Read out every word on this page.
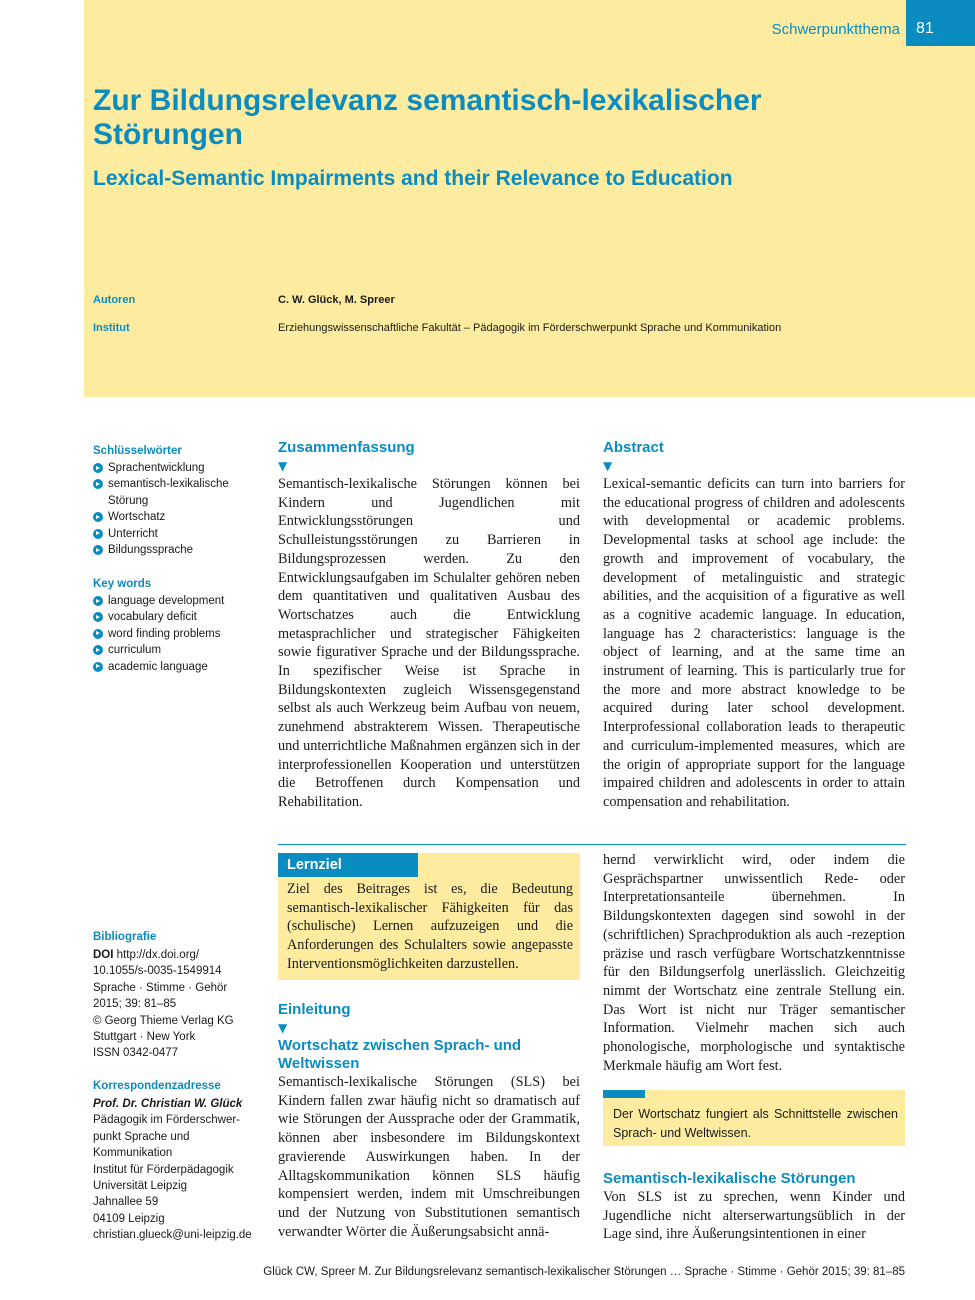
Schwerpunktthema	81
Zur Bildungsrelevanz semantisch-lexikalischer Störungen
Lexical-Semantic Impairments and their Relevance to Education
Autoren	C. W. Glück, M. Spreer
Institut	Erziehungswissenschaftliche Fakultät – Pädagogik im Förderschwerpunkt Sprache und Kommunikation
Schlüsselwörter
Sprachentwicklung
semantisch-lexikalische Störung
Wortschatz
Unterricht
Bildungssprache
Key words
language development
vocabulary deficit
word finding problems
curriculum
academic language
Bibliografie
DOI http://dx.doi.org/
10.1055/s-0035-1549914
Sprache · Stimme · Gehör
2015; 39: 81–85
© Georg Thieme Verlag KG
Stuttgart · New York
ISSN 0342-0477
Korrespondenzadresse
Prof. Dr. Christian W. Glück
Pädagogik im Förderschwer-
punkt Sprache und
Kommunikation
Institut für Förderpädagogik
Universität Leipzig
Jahnallee 59
04109 Leipzig
christian.glueck@uni-leipzig.de
Zusammenfassung
▼

Semantisch-lexikalische Störungen können bei Kindern und Jugendlichen mit Entwicklungsstörungen und Schulleistungsstörungen zu Barrieren in Bildungsprozessen werden. Zu den Entwicklungsaufgaben im Schulalter gehören neben dem quantitativen und qualitativen Ausbau des Wortschatzes auch die Entwicklung metasprachlicher und strategischer Fähigkeiten sowie figurativer Sprache und der Bildungssprache. In spezifischer Weise ist Sprache in Bildungskontexten zugleich Wissensgegenstand selbst als auch Werkzeug beim Aufbau von neuem, zunehmend abstrakterem Wissen. Therapeutische und unterrichtliche Maßnahmen ergänzen sich in der interprofessionellen Kooperation und unterstützen die Betroffenen durch Kompensation und Rehabilitation.

Abstract
▼

Lexical-semantic deficits can turn into barriers for the educational progress of children and adolescents with developmental or academic problems. Developmental tasks at school age include: the growth and improvement of vocabulary, the development of metalinguistic and strategic abilities, and the acquisition of a figurative as well as a cognitive academic language. In education, language has 2 characteristics: language is the object of learning, and at the same time an instrument of learning. This is particularly true for the more and more abstract knowledge to be acquired during later school development. Interprofessional collaboration leads to therapeutic and curriculum-implemented measures, which are the origin of appropriate support for the language impaired children and adolescents in order to attain compensation and rehabilitation.

Lernziel

Ziel des Beitrages ist es, die Bedeutung semantisch-lexikalischer Fähigkeiten für das (schulische) Lernen aufzuzeigen und die Anforderungen des Schulalters sowie angepasste Interventionsmöglichkeiten darzustellen.

Einleitung
▼
Wortschatz zwischen Sprach- und Weltwissen

Semantisch-lexikalische Störungen (SLS) bei Kindern fallen zwar häufig nicht so dramatisch auf wie Störungen der Aussprache oder der Grammatik, können aber insbesondere im Bildungskontext gravierende Auswirkungen haben. In der Alltagskommunikation können SLS häufig kompensiert werden, indem mit Umschreibungen und der Nutzung von Substitutionen semantisch verwandter Wörter die Äußerungsabsicht annä-

hernd verwirklicht wird, oder indem die Gesprächspartner unwissentlich Rede- oder Interpretationsanteile übernehmen. In Bildungskontexten dagegen sind sowohl in der (schriftlichen) Sprachproduktion als auch -rezeption präzise und rasch verfügbare Wortschatzkenntnisse für den Bildungserfolg unerlässlich. Gleichzeitig nimmt der Wortschatz eine zentrale Stellung ein. Das Wort ist nicht nur Träger semantischer Information. Vielmehr machen sich auch phonologische, morphologische und syntaktische Merkmale häufig am Wort fest.

Der Wortschatz fungiert als Schnittstelle zwischen Sprach- und Weltwissen.

Semantisch-lexikalische Störungen

Von SLS ist zu sprechen, wenn Kinder und Jugendliche nicht alterserwartungsüblich in der Lage sind, ihre Äußerungsintentionen in einer

Glück CW, Spreer M. Zur Bildungsrelevanz semantisch-lexikalischer Störungen … Sprache · Stimme · Gehör 2015; 39: 81–85
